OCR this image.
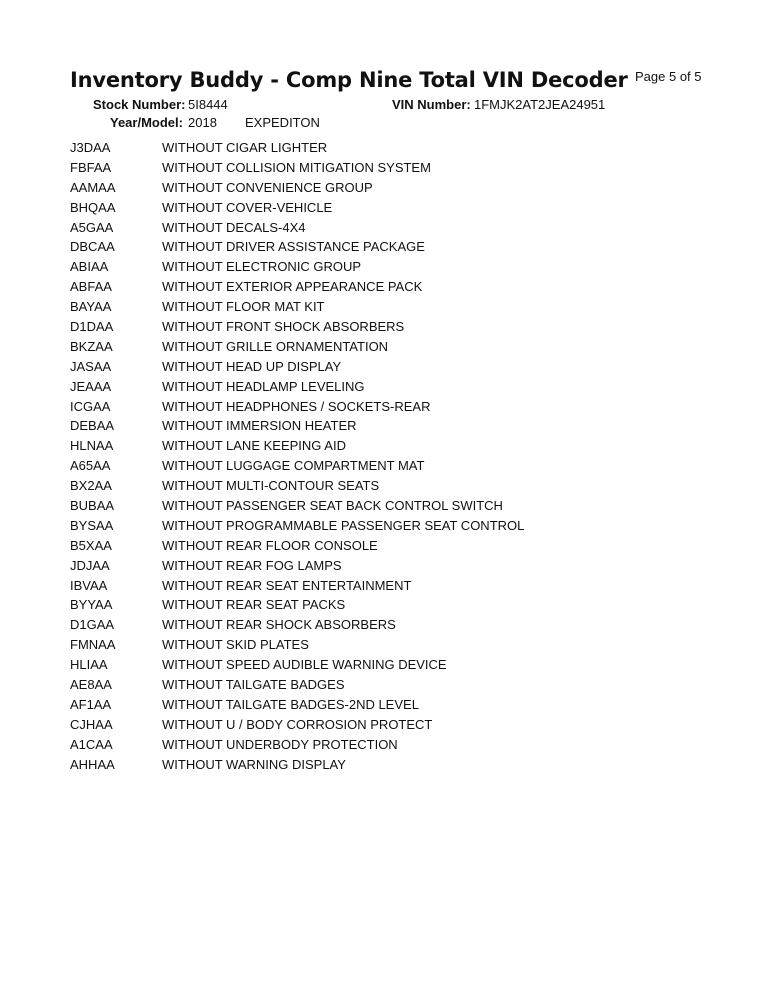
Inventory Buddy - Comp Nine Total VIN Decoder Page 5 of 5
Stock Number: 5I8444	VIN Number: 1FMJK2AT2JEA24951
Year/Model: 2018 EXPEDITON
J3DAA	WITHOUT CIGAR LIGHTER
FBFAA	WITHOUT COLLISION MITIGATION SYSTEM
AAMAA	WITHOUT CONVENIENCE GROUP
BHQAA	WITHOUT COVER-VEHICLE
A5GAA	WITHOUT DECALS-4X4
DBCAA	WITHOUT DRIVER ASSISTANCE PACKAGE
ABIAA	WITHOUT ELECTRONIC GROUP
ABFAA	WITHOUT EXTERIOR APPEARANCE PACK
BAYAA	WITHOUT FLOOR MAT KIT
D1DAA	WITHOUT FRONT SHOCK ABSORBERS
BKZAA	WITHOUT GRILLE ORNAMENTATION
JASAA	WITHOUT HEAD UP DISPLAY
JEAAA	WITHOUT HEADLAMP LEVELING
ICGAA	WITHOUT HEADPHONES / SOCKETS-REAR
DEBAA	WITHOUT IMMERSION HEATER
HLNAA	WITHOUT LANE KEEPING AID
A65AA	WITHOUT LUGGAGE COMPARTMENT MAT
BX2AA	WITHOUT MULTI-CONTOUR SEATS
BUBAA	WITHOUT PASSENGER SEAT BACK CONTROL SWITCH
BYSAA	WITHOUT PROGRAMMABLE PASSENGER SEAT CONTROL
B5XAA	WITHOUT REAR FLOOR CONSOLE
JDJAA	WITHOUT REAR FOG LAMPS
IBVAA	WITHOUT REAR SEAT ENTERTAINMENT
BYYAA	WITHOUT REAR SEAT PACKS
D1GAA	WITHOUT REAR SHOCK ABSORBERS
FMNAA	WITHOUT SKID PLATES
HLIAA	WITHOUT SPEED AUDIBLE WARNING DEVICE
AE8AA	WITHOUT TAILGATE BADGES
AF1AA	WITHOUT TAILGATE BADGES-2ND LEVEL
CJHAA	WITHOUT U / BODY CORROSION PROTECT
A1CAA	WITHOUT UNDERBODY PROTECTION
AHHAA	WITHOUT WARNING DISPLAY
